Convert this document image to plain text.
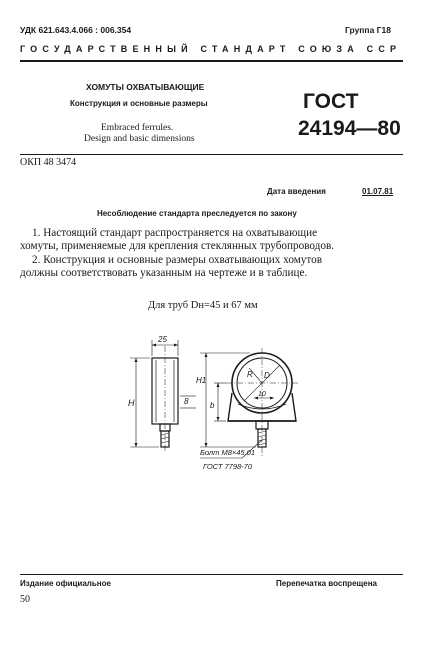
УДК 621.643.4.066 : 006.354	Группа Г18
ГОСУДАРСТВЕННЫЙ СТАНДАРТ СОЮЗА ССР
ХОМУТЫ ОХВАТЫВАЮЩИЕ
Конструкция и основные размеры
Embraced ferrules.
Design and basic dimensions
ГОСТ
24194—80
ОКП 48 3474
Дата введения	01.07.81
Несоблюдение стандарта преследуется по закону
1. Настоящий стандарт распространяется на охватывающие
хомуты, применяемые для крепления стеклянных трубопроводов.
2. Конструкция и основные размеры охватывающих хомутов
должны соответствовать указанным на чертеже и в таблице.
Для труб Dн=45 и 67 мм
25
H	8
H1
b
D
R
10
Болт М8×45.01
ГОСТ 7798-70
Издание официальное	Перепечатка воспрещена
50
